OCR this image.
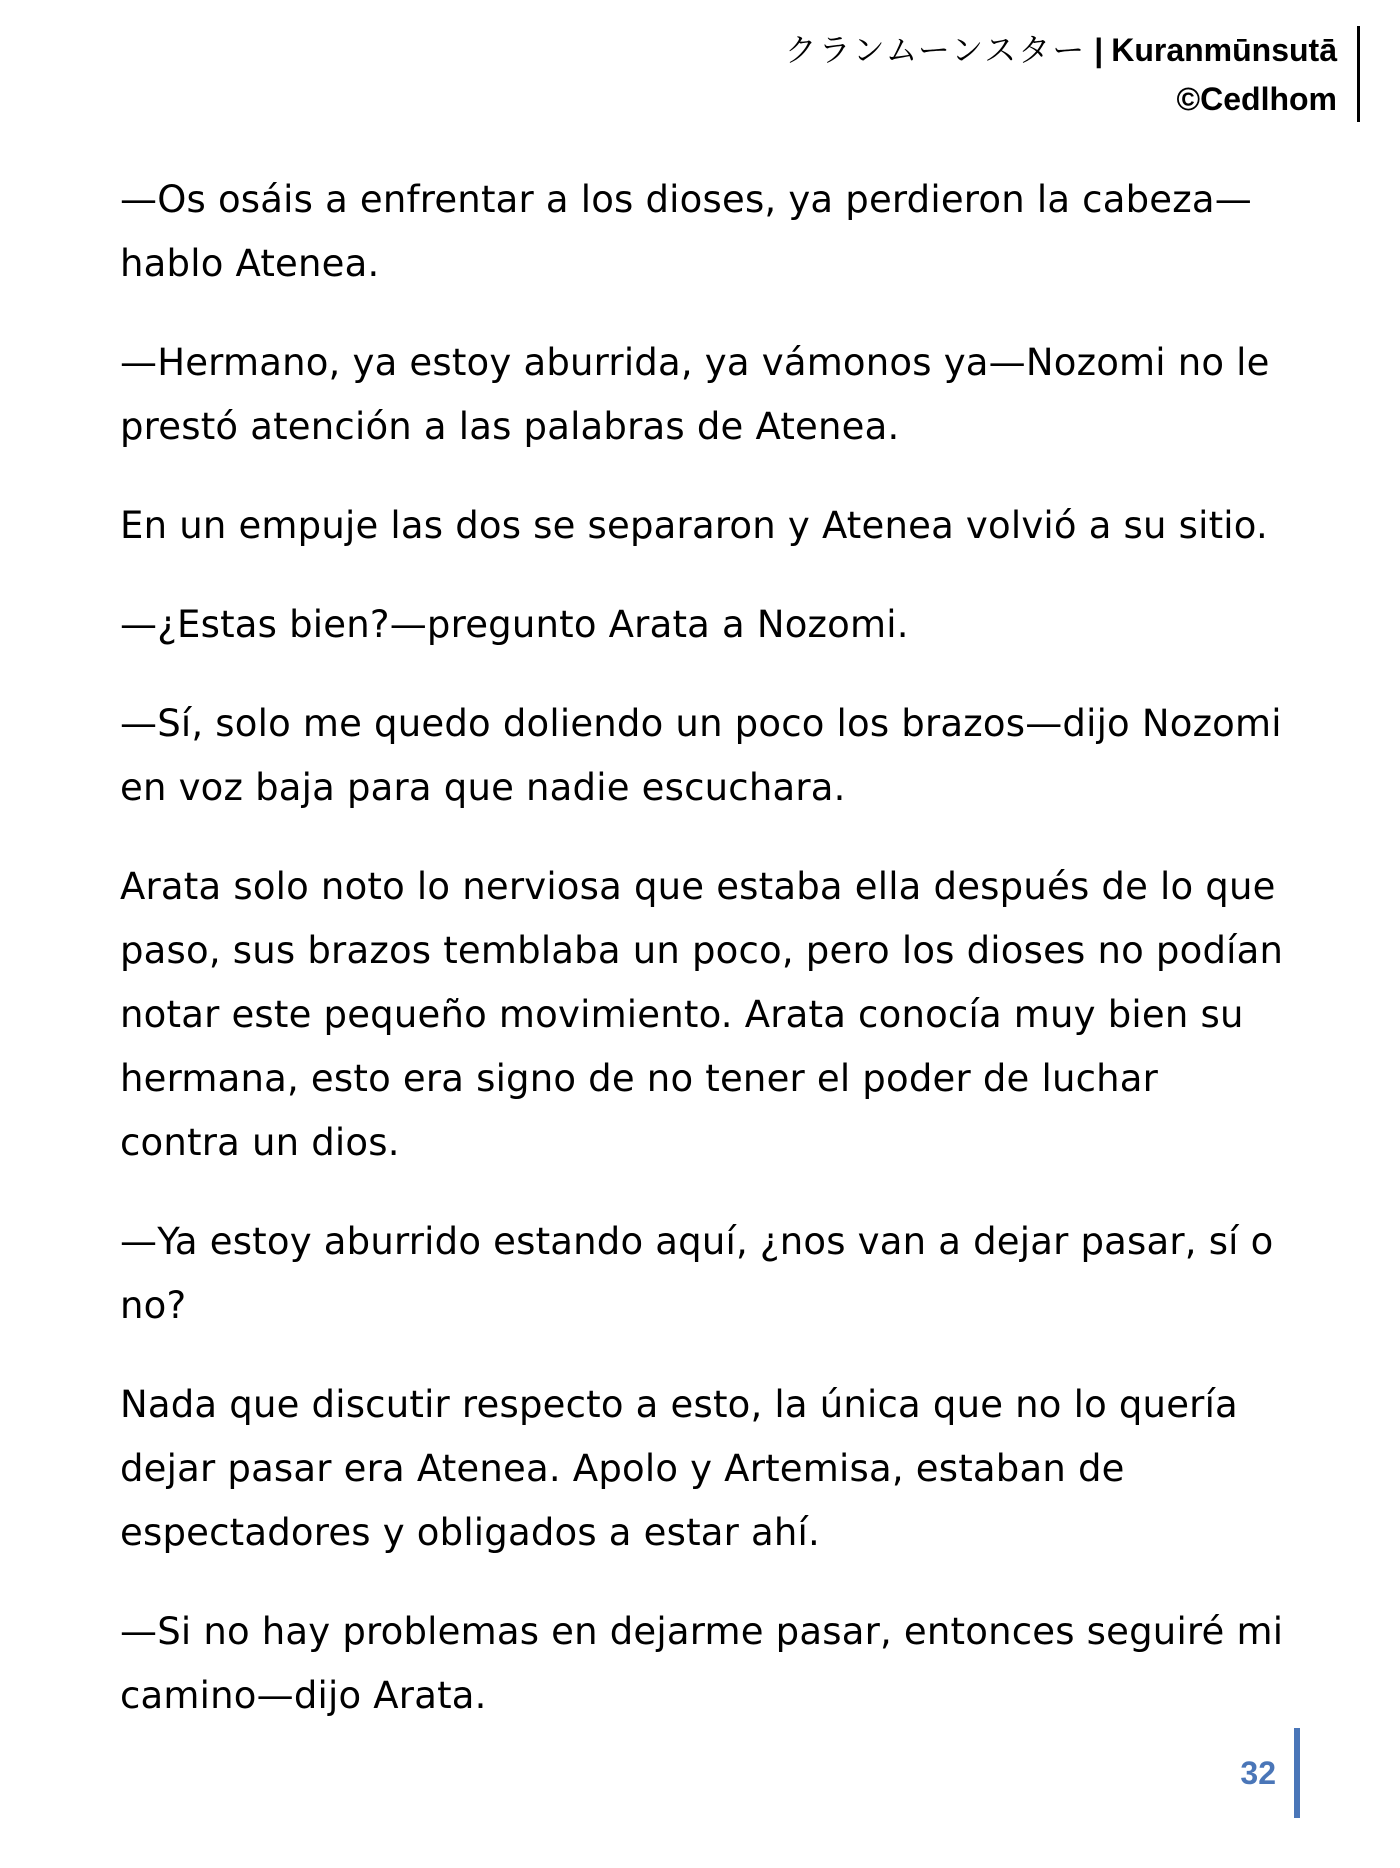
クランムーンスター | Kuranmūnsutā
©Cedlhom

—Os osáis a enfrentar a los dioses, ya perdieron la cabeza—hablo Atenea.

—Hermano, ya estoy aburrida, ya vámonos ya—Nozomi no le prestó atención a las palabras de Atenea.

En un empuje las dos se separaron y Atenea volvió a su sitio.

—¿Estas bien?—pregunto Arata a Nozomi.

—Sí, solo me quedo doliendo un poco los brazos—dijo Nozomi en voz baja para que nadie escuchara.

Arata solo noto lo nerviosa que estaba ella después de lo que paso, sus brazos temblaba un poco, pero los dioses no podían notar este pequeño movimiento. Arata conocía muy bien su hermana, esto era signo de no tener el poder de luchar contra un dios.

—Ya estoy aburrido estando aquí, ¿nos van a dejar pasar, sí o no?

Nada que discutir respecto a esto, la única que no lo quería dejar pasar era Atenea. Apolo y Artemisa, estaban de espectadores y obligados a estar ahí.

—Si no hay problemas en dejarme pasar, entonces seguiré mi camino—dijo Arata.

32
